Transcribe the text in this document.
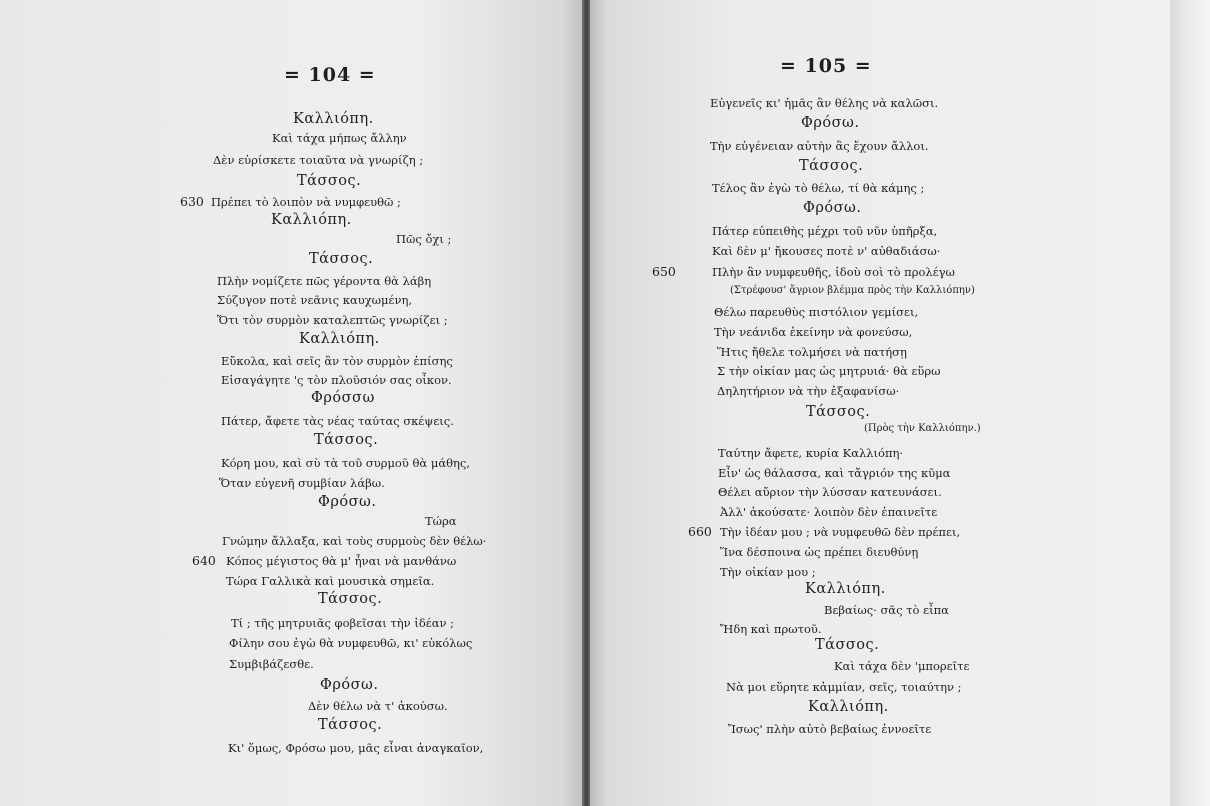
= 104 =
Καλλιόπη.
Καὶ τάχα μήπως ἄλλην
Δὲν εὑρίσκετε τοιαῦτα νὰ γνωρίζη ;
Τάσσος.
630 Πρέπει τὸ λοιπὸν νὰ νυμφευθῶ ;
Καλλιόπη.
Πῶς ὄχι ;
Τάσσος.
Πλὴν νομίζετε πῶς γέροντα θὰ λάβη
Σύζυγον ποτὲ νεᾶνις καυχωμένη,
Ὅτι τὸν συρμὸν καταλεπτῶς γνωρίζει ;
Καλλιόπη.
Εὔκολα, καὶ σεῖς ἂν τὸν συρμὸν ἐπίσης
Εἰσαγάγητε 'ς τὸν πλοῦσιόν σας οἶκον.
Φρόσσω
Πάτερ, ἄφετε τὰς νέας ταύτας σκέψεις.
Τάσσος.
Κόρη μου, καὶ σὺ τὰ τοῦ συρμοῦ θὰ μάθης,
Ὅταν εὐγενῆ συμβίαν λάβω.
Φρόσω.
Τώρα
Γνώμην ἄλλαξα, καὶ τοὺς συρμοὺς δὲν θέλω·
640 Κόπος μέγιστος θὰ μ' ἦναι νὰ μανθάνω
Τώρα Γαλλικὰ καὶ μουσικὰ σημεῖα.
Τάσσος.
Τί ; τῆς μητρυιᾶς φοβεῖσαι τὴν ἰδέαν ;
Φίλην σου ἐγὼ θὰ νυμφευθῶ, κι' εὐκόλως
Συμβιβάζεσθε.
Φρόσω.
Δὲν θέλω νὰ τ' ἀκούσω.
Τάσσος.
Κι' ὅμως, Φρόσω μου, μᾶς εἶναι ἀναγκαῖον,
= 105 =
Εὐγενεῖς κι' ἡμᾶς ἂν θέλης νὰ καλῶσι.
Φρόσω.
Τὴν εὐγένειαν αὐτὴν ἂς ἔχουν ἄλλοι.
Τάσσος.
Τέλος ἂν ἐγὼ τὸ θέλω, τί θὰ κάμης ;
Φρόσω.
Πάτερ εὐπειθὴς μέχρι τοῦ νῦν ὑπῆρξα,
Καὶ δὲν μ' ἤκουσες ποτὲ ν' αὐθαδιάσω·
650	Πλὴν ἂν νυμφευθῆς, ἰδοὺ σοὶ τὸ προλέγω
(Στρέφουσ' ἄγριον βλέμμα πρὸς τὴν Καλλιόπην)
Θέλω παρευθὺς πιστόλιον γεμίσει,
Τὴν νεάνιδα ἐκείνην νὰ φονεύσω,
Ἥτις ἤθελε τολμήσει νὰ πατήσῃ
Σ τὴν οἰκίαν μας ὡς μητρυιά· θὰ εὕρω
Δηλητήριον νὰ τὴν ἐξαφανίσω·
Τάσσος.
(Πρὸς τὴν Καλλιόπην.)
Ταύτην ἄφετε, κυρία Καλλιόπη·
Εἶν' ὡς θάλασσα, καὶ τἄγριόν της κῦμα
Θέλει αὔριον τὴν λύσσαν κατευνάσει.
Ἀλλ' ἀκούσατε· λοιπὸν δὲν ἐπαινεῖτε
660 Τὴν ἰδέαν μου ; νὰ νυμφευθῶ δὲν πρέπει,
Ἵνα δέσποινα ὡς πρέπει διευθύνῃ
Τὴν οἰκίαν μου ;
Καλλιόπη.
Βεβαίως· σᾶς τὸ εἶπα
Ἤδη καὶ πρωτοῦ.
Τάσσος.
Καὶ τάχα δὲν 'μπορεῖτε
Νὰ μοι εὕρητε κἀμμίαν, σεῖς, τοιαύτην ;
Καλλιόπη.
Ἴσως' πλὴν αὐτὸ βεβαίως ἐννοεῖτε
